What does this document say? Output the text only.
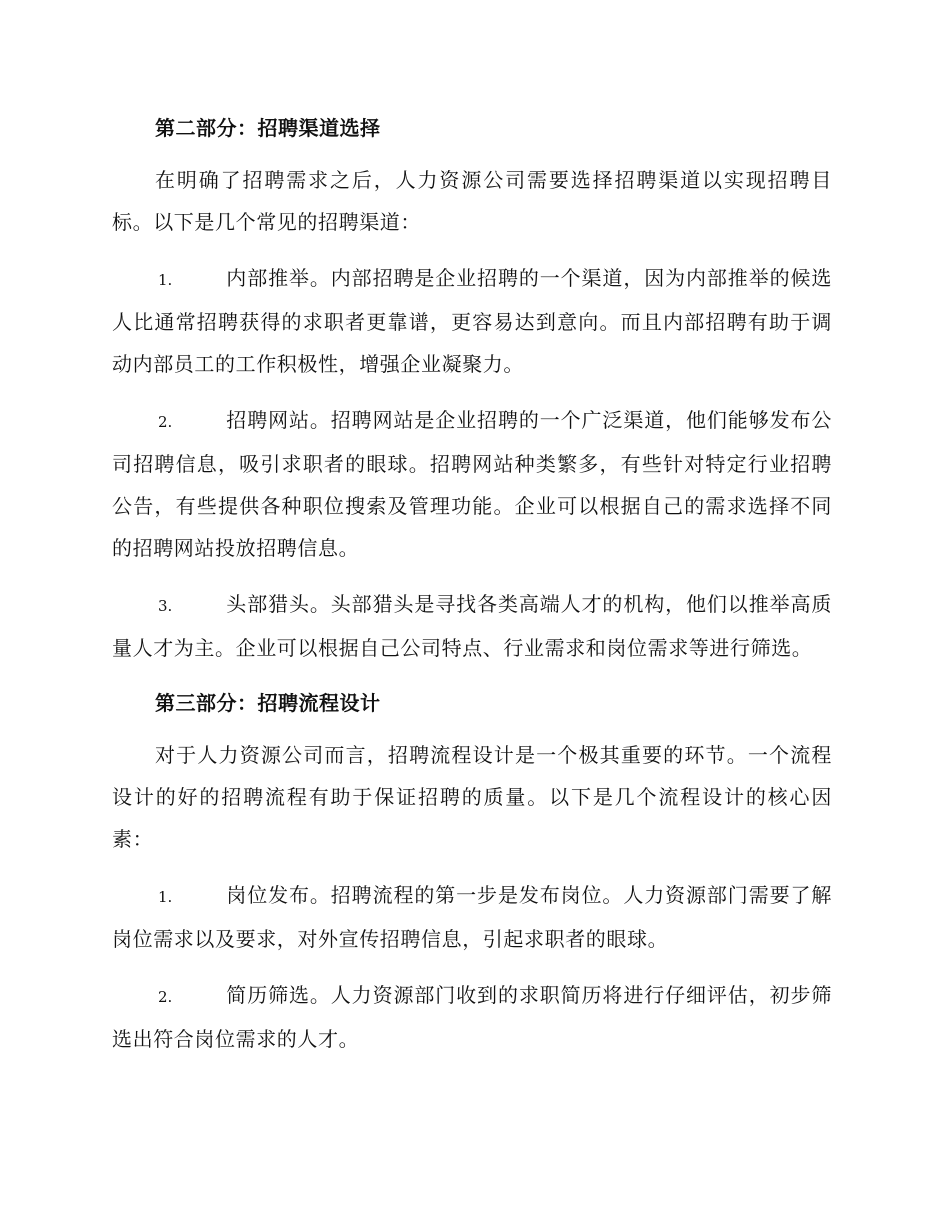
第二部分：招聘渠道选择

在明确了招聘需求之后，人力资源公司需要选择招聘渠道以实现招聘目标。以下是几个常见的招聘渠道：

1.	内部推举。内部招聘是企业招聘的一个渠道，因为内部推举的候选人比通常招聘获得的求职者更靠谱，更容易达到意向。而且内部招聘有助于调动内部员工的工作积极性，增强企业凝聚力。

2.	招聘网站。招聘网站是企业招聘的一个广泛渠道，他们能够发布公司招聘信息，吸引求职者的眼球。招聘网站种类繁多，有些针对特定行业招聘公告，有些提供各种职位搜索及管理功能。企业可以根据自己的需求选择不同的招聘网站投放招聘信息。

3.	头部猎头。头部猎头是寻找各类高端人才的机构，他们以推举高质量人才为主。企业可以根据自己公司特点、行业需求和岗位需求等进行筛选。

第三部分：招聘流程设计

对于人力资源公司而言，招聘流程设计是一个极其重要的环节。一个流程设计的好的招聘流程有助于保证招聘的质量。以下是几个流程设计的核心因素：

1.	岗位发布。招聘流程的第一步是发布岗位。人力资源部门需要了解岗位需求以及要求，对外宣传招聘信息，引起求职者的眼球。

2.	简历筛选。人力资源部门收到的求职简历将进行仔细评估，初步筛选出符合岗位需求的人才。
